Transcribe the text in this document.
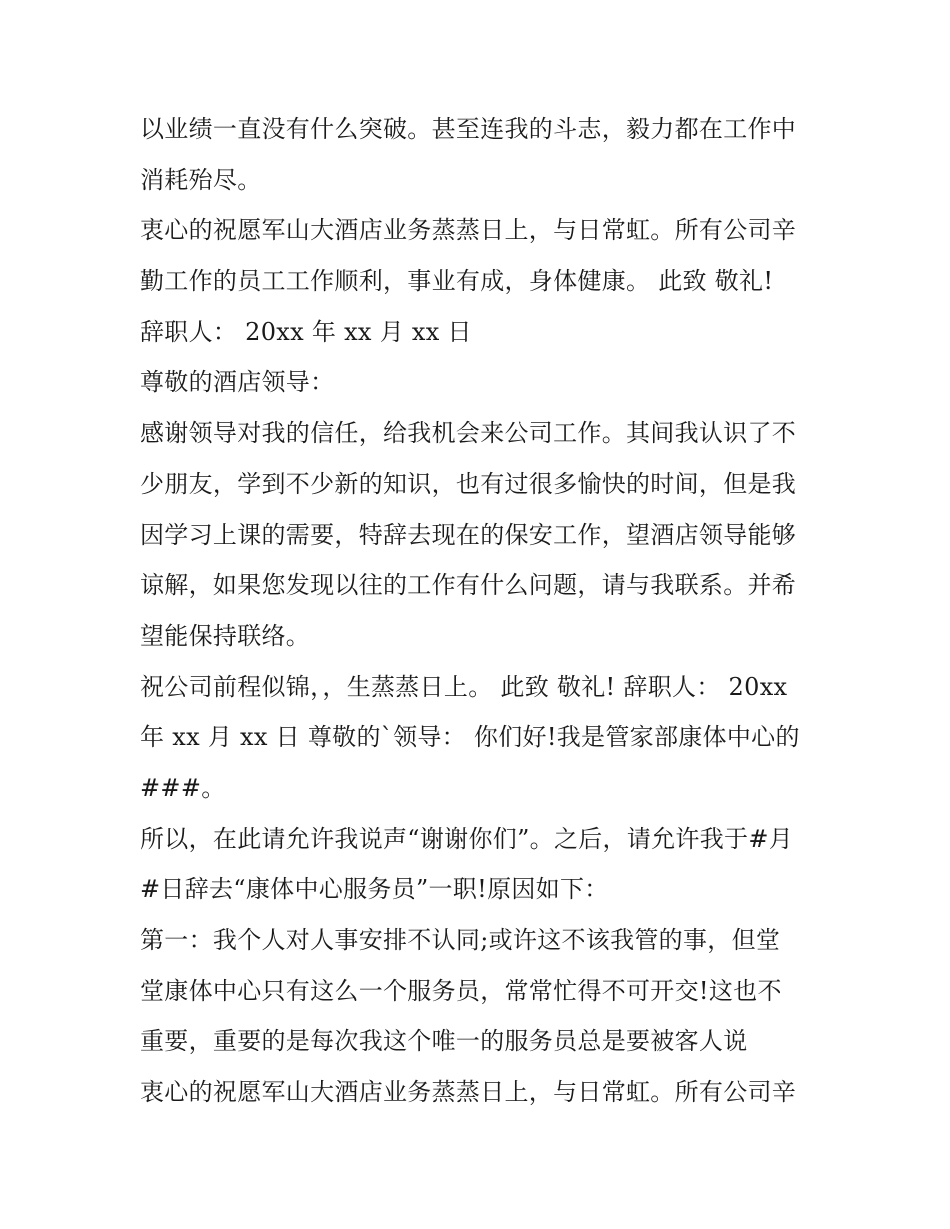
以业绩一直没有什么突破。甚至连我的斗志，毅力都在工作中
消耗殆尽。
衷心的祝愿军山大酒店业务蒸蒸日上，与日常虹。所有公司辛
勤工作的员工工作顺利，事业有成，身体健康。 此致 敬礼!
辞职人： 20xx 年 xx 月 xx 日
尊敬的酒店领导：
感谢领导对我的信任，给我机会来公司工作。其间我认识了不
少朋友，学到不少新的知识，也有过很多愉快的时间，但是我
因学习上课的需要，特辞去现在的保安工作，望酒店领导能够
谅解，如果您发现以往的工作有什么问题，请与我联系。并希
望能保持联络。
祝公司前程似锦，，生蒸蒸日上。 此致 敬礼! 辞职人： 20xx
年 xx 月 xx 日 尊敬的`领导： 你们好!我是管家部康体中心的
###。
所以，在此请允许我说声“谢谢你们”。之后，请允许我于#月
#日辞去“康体中心服务员”一职!原因如下：
第一：我个人对人事安排不认同;或许这不该我管的事，但堂
堂康体中心只有这么一个服务员，常常忙得不可开交!这也不
重要，重要的是每次我这个唯一的服务员总是要被客人说
衷心的祝愿军山大酒店业务蒸蒸日上，与日常虹。所有公司辛
